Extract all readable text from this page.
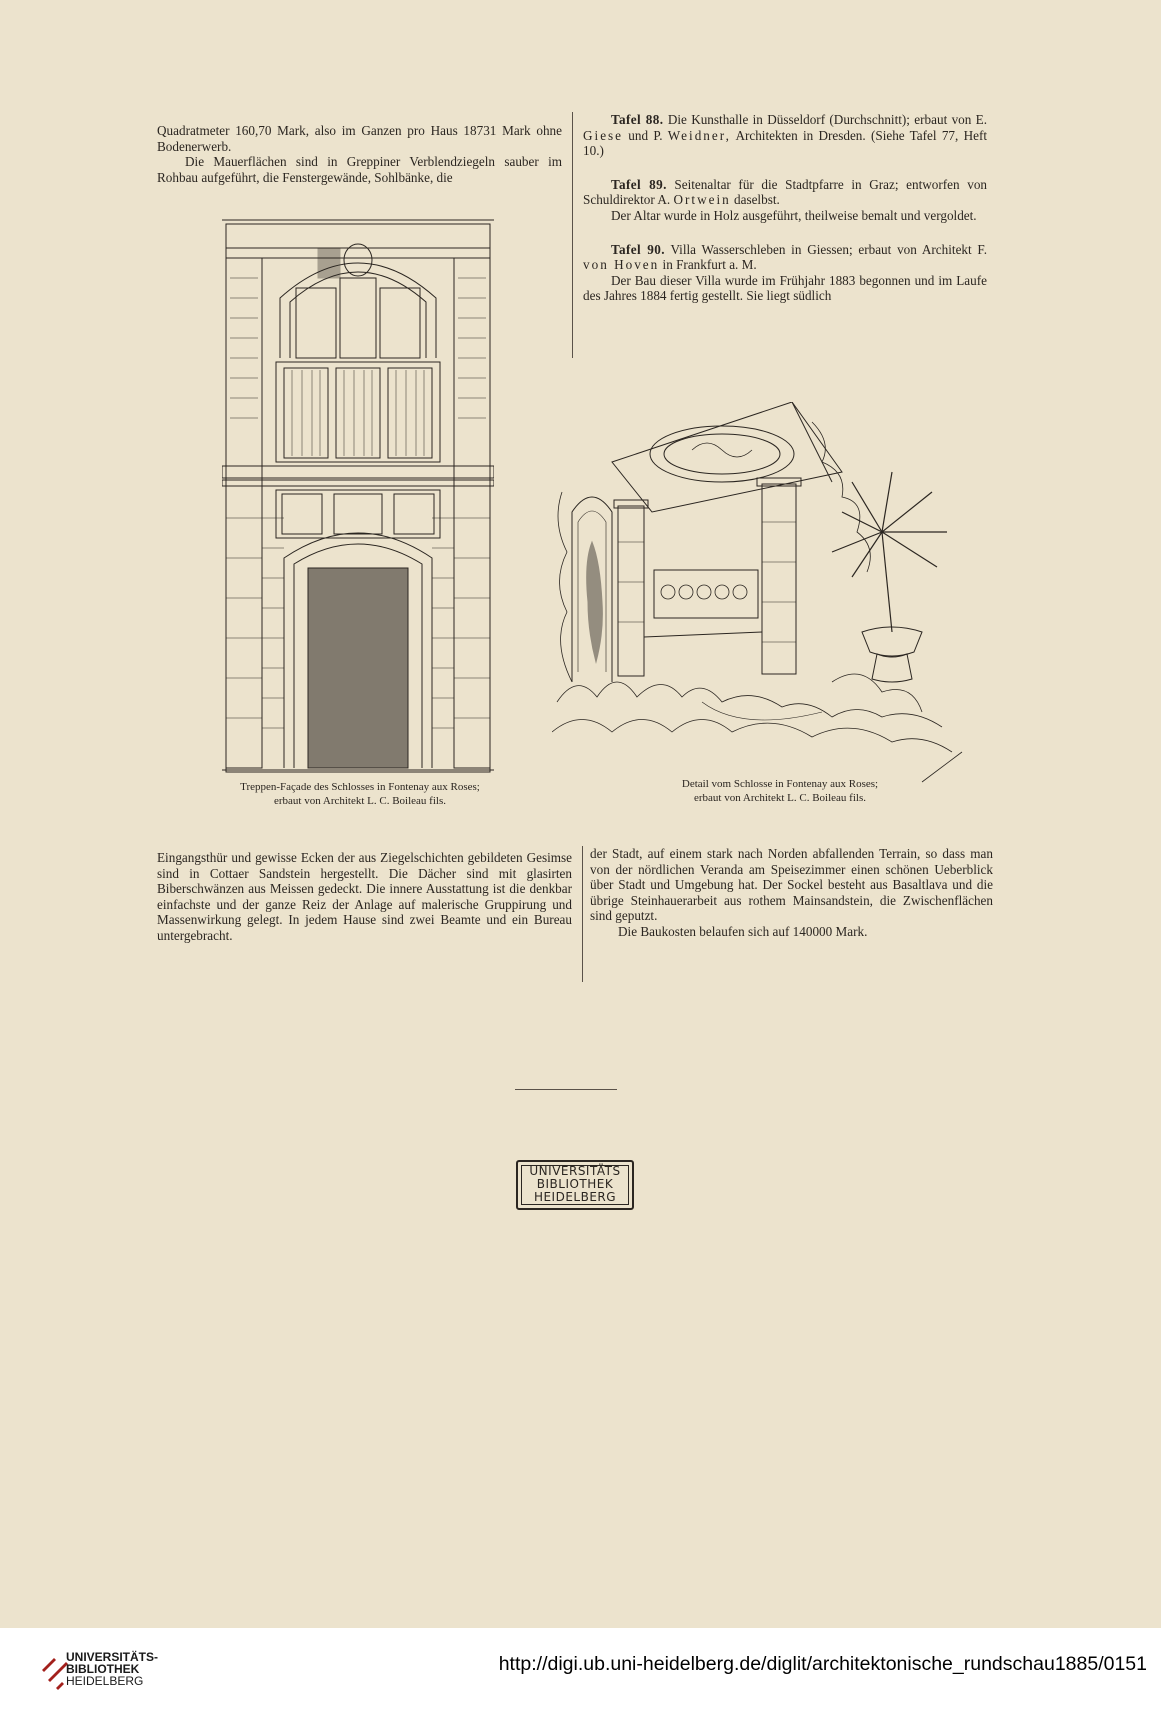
Quadratmeter 160,70 Mark, also im Ganzen pro Haus 18731 Mark ohne Bodenerwerb.

Die Mauerflächen sind in Greppiner Verblendziegeln sauber im Rohbau aufgeführt, die Fenstergewände, Sohlbänke, die

Tafel 88. Die Kunsthalle in Düsseldorf (Durchschnitt); erbaut von E. Giese und P. Weidner, Architekten in Dresden. (Siehe Tafel 77, Heft 10.)

Tafel 89. Seitenaltar für die Stadtpfarre in Graz; entworfen von Schuldirektor A. Ortwein daselbst.

Der Altar wurde in Holz ausgeführt, theilweise bemalt und vergoldet.

Tafel 90. Villa Wasserschleben in Giessen; erbaut von Architekt F. von Hoven in Frankfurt a. M.

Der Bau dieser Villa wurde im Frühjahr 1883 begonnen und im Laufe des Jahres 1884 fertig gestellt. Sie liegt südlich

Treppen-Façade des Schlosses in Fontenay aux Roses;
erbaut von Architekt L. C. Boileau fils.
Detail vom Schlosse in Fontenay aux Roses;
erbaut von Architekt L. C. Boileau fils.

Eingangsthür und gewisse Ecken der aus Ziegelschichten gebildeten Gesimse sind in Cottaer Sandstein hergestellt. Die Dächer sind mit glasirten Biberschwänzen aus Meissen gedeckt. Die innere Ausstattung ist die denkbar einfachste und der ganze Reiz der Anlage auf malerische Gruppirung und Massenwirkung gelegt. In jedem Hause sind zwei Beamte und ein Bureau untergebracht.

der Stadt, auf einem stark nach Norden abfallenden Terrain, so dass man von der nördlichen Veranda am Speisezimmer einen schönen Ueberblick über Stadt und Umgebung hat. Der Sockel besteht aus Basaltlava und die übrige Steinhauerarbeit aus rothem Mainsandstein, die Zwischenflächen sind geputzt.

Die Baukosten belaufen sich auf 140000 Mark.

UNIVERSITÄTS
BIBLIOTHEK
HEIDELBERG
UNIVERSITÄTS-
BIBLIOTHEK
HEIDELBERG
http://digi.ub.uni-heidelberg.de/diglit/architektonische_rundschau1885/0151
